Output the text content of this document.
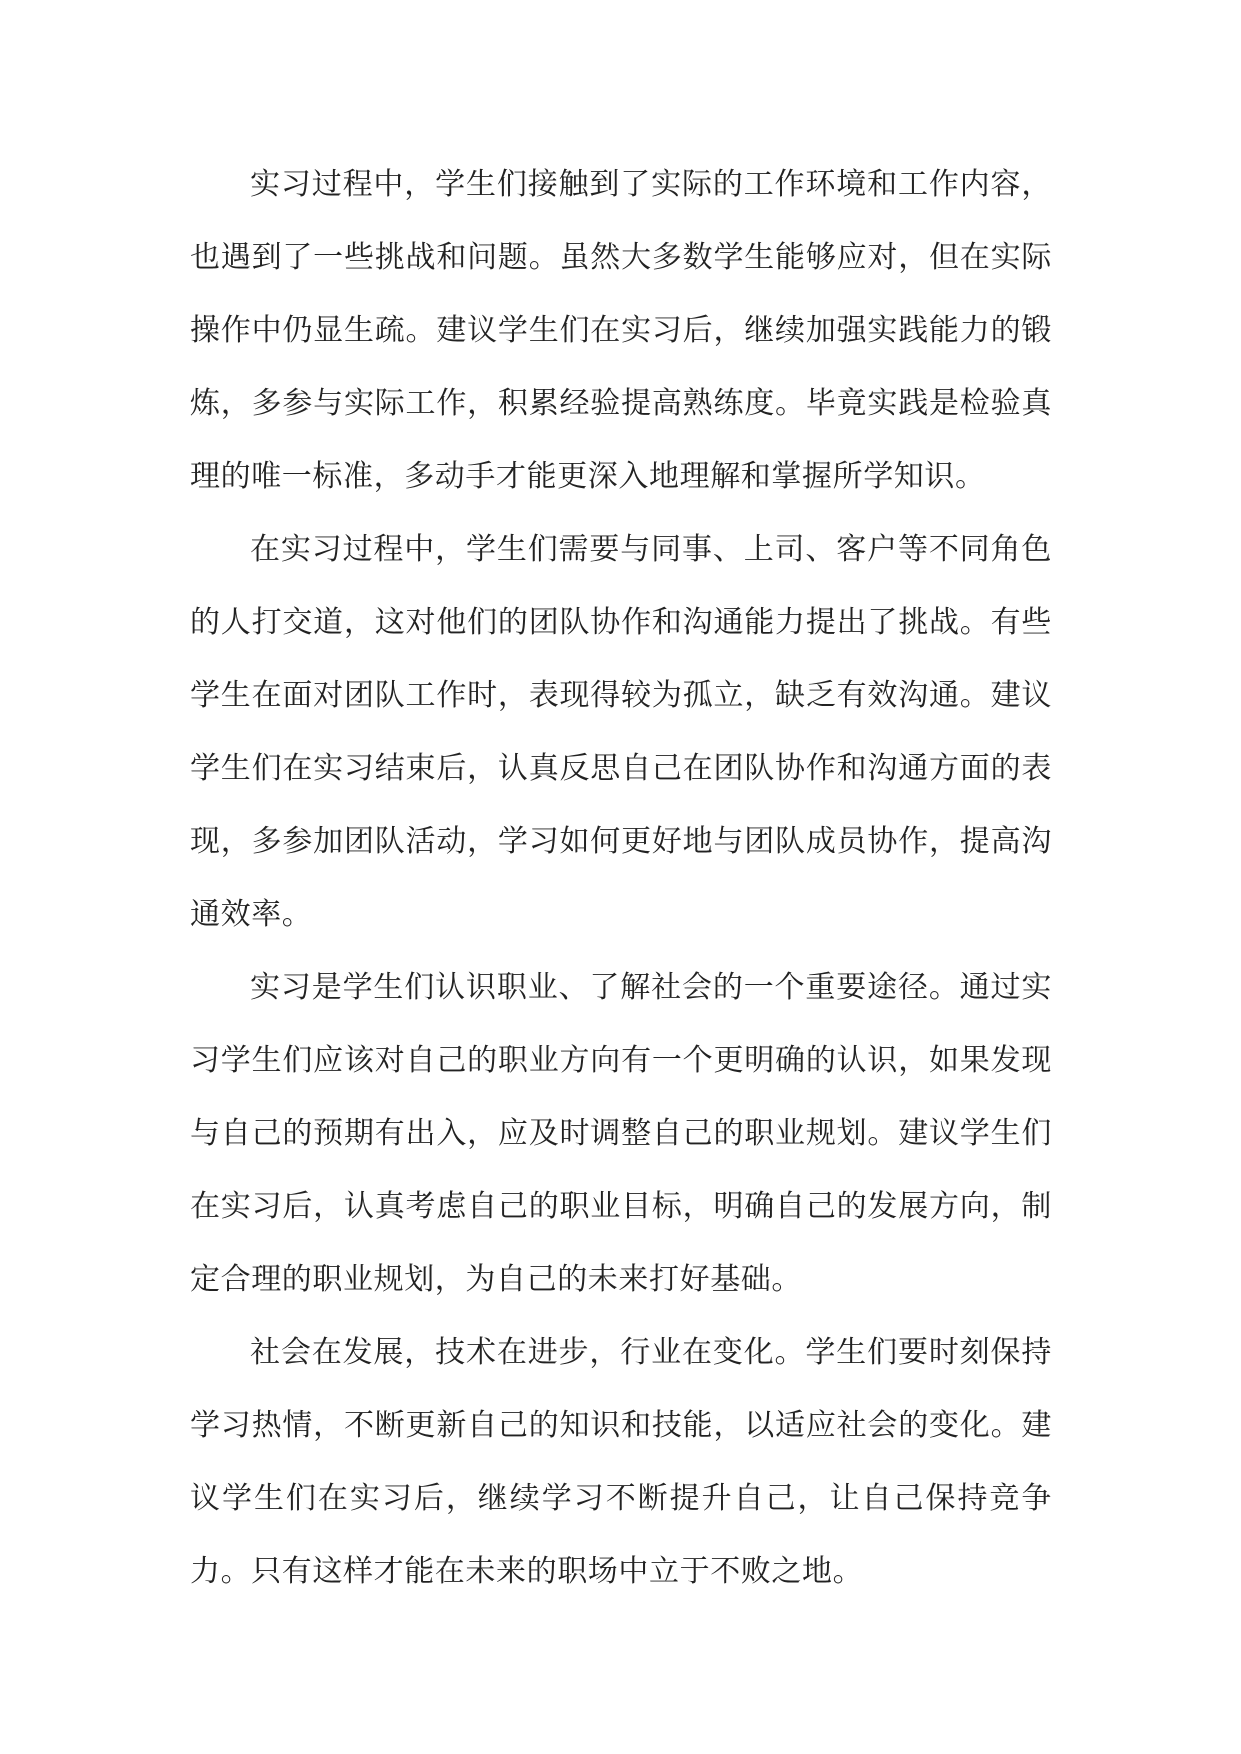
实习过程中，学生们接触到了实际的工作环境和工作内容，也遇到了一些挑战和问题。虽然大多数学生能够应对，但在实际操作中仍显生疏。建议学生们在实习后，继续加强实践能力的锻炼，多参与实际工作，积累经验提高熟练度。毕竟实践是检验真理的唯一标准，多动手才能更深入地理解和掌握所学知识。

在实习过程中，学生们需要与同事、上司、客户等不同角色的人打交道，这对他们的团队协作和沟通能力提出了挑战。有些学生在面对团队工作时，表现得较为孤立，缺乏有效沟通。建议学生们在实习结束后，认真反思自己在团队协作和沟通方面的表现，多参加团队活动，学习如何更好地与团队成员协作，提高沟通效率。

实习是学生们认识职业、了解社会的一个重要途径。通过实习学生们应该对自己的职业方向有一个更明确的认识，如果发现与自己的预期有出入，应及时调整自己的职业规划。建议学生们在实习后，认真考虑自己的职业目标，明确自己的发展方向，制定合理的职业规划，为自己的未来打好基础。

社会在发展，技术在进步，行业在变化。学生们要时刻保持学习热情，不断更新自己的知识和技能，以适应社会的变化。建议学生们在实习后，继续学习不断提升自己，让自己保持竞争力。只有这样才能在未来的职场中立于不败之地。
